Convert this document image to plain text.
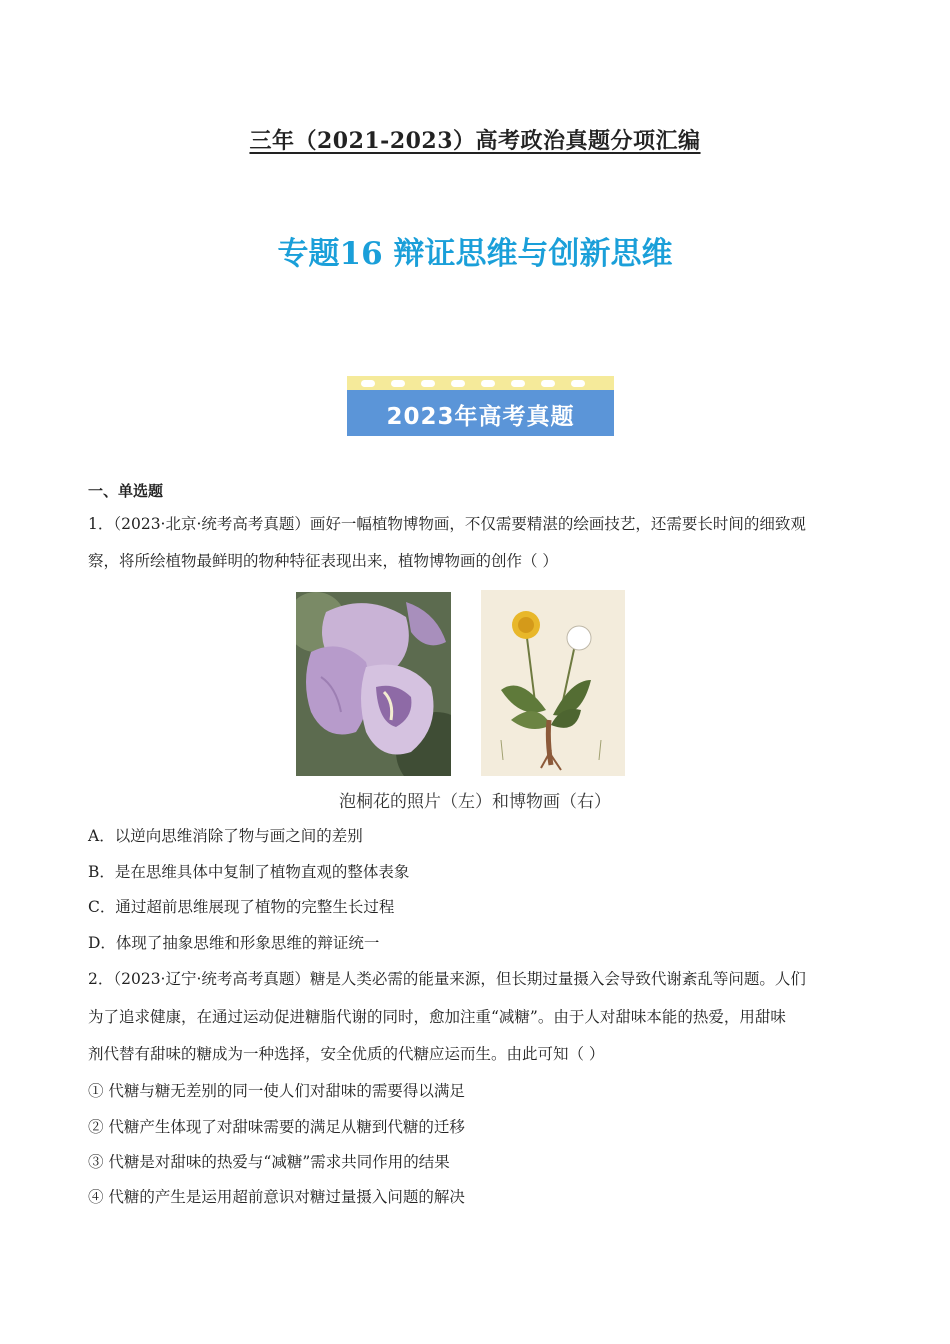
三年（2021-2023）高考政治真题分项汇编
专题16 辩证思维与创新思维
2023年高考真题
一、单选题
1．（2023·北京·统考高考真题）画好一幅植物博物画，不仅需要精湛的绘画技艺，还需要长时间的细致观
察，将所绘植物最鲜明的物种特征表现出来，植物博物画的创作（ ）
泡桐花的照片（左）和博物画（右）
A．以逆向思维消除了物与画之间的差别
B．是在思维具体中复制了植物直观的整体表象
C．通过超前思维展现了植物的完整生长过程
D．体现了抽象思维和形象思维的辩证统一
2．（2023·辽宁·统考高考真题）糖是人类必需的能量来源，但长期过量摄入会导致代谢紊乱等问题。人们
为了追求健康，在通过运动促进糖脂代谢的同时，愈加注重“减糖”。由于人对甜味本能的热爱，用甜味
剂代替有甜味的糖成为一种选择，安全优质的代糖应运而生。由此可知（ ）
① 代糖与糖无差别的同一使人们对甜味的需要得以满足
② 代糖产生体现了对甜味需要的满足从糖到代糖的迁移
③ 代糖是对甜味的热爱与“减糖”需求共同作用的结果
④ 代糖的产生是运用超前意识对糖过量摄入问题的解决
